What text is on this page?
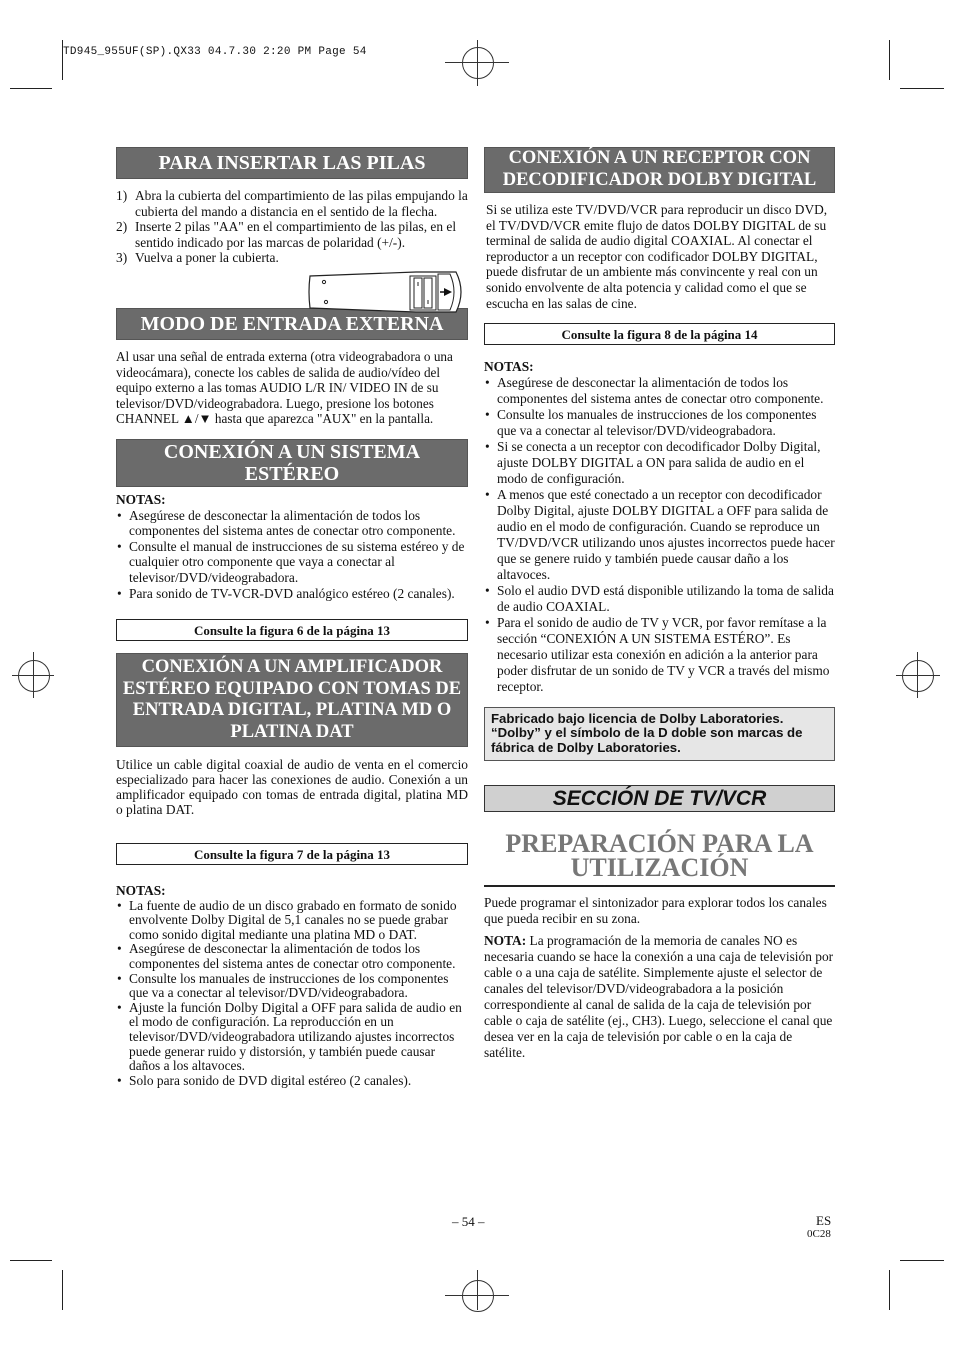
TD945_955UF(SP).QX33 04.7.30 2:20 PM Page 54
PARA INSERTAR LAS PILAS
1) Abra la cubierta del compartimiento de las pilas empujando la cubierta del mando a distancia en el sentido de la flecha.
2) Inserte 2 pilas "AA" en el compartimiento de las pilas, en el sentido indicado por las marcas de polaridad (+/-).
3) Vuelva a poner la cubierta.
MODO DE ENTRADA EXTERNA

Al usar una señal de entrada externa (otra videograbadora o una videocámara), conecte los cables de salida de audio/vídeo del equipo externo a las tomas AUDIO L/R IN/ VIDEO IN de su televisor/DVD/videograbadora. Luego, presione los botones CHANNEL ▲/▼ hasta que aparezca "AUX" en la pantalla.

CONEXIÓN A UN SISTEMA ESTÉREO
NOTAS:
• Asegúrese de desconectar la alimentación de todos los componentes del sistema antes de conectar otro componente.
• Consulte el manual de instrucciones de su sistema estéreo y de cualquier otro componente que vaya a conectar al televisor/DVD/videograbadora.
• Para sonido de TV-VCR-DVD analógico estéreo (2 canales).
Consulte la figura 6 de la página 13
CONEXIÓN A UN AMPLIFICADOR ESTÉREO EQUIPADO CON TOMAS DE ENTRADA DIGITAL, PLATINA MD O PLATINA DAT

Utilice un cable digital coaxial de audio de venta en el comercio especializado para hacer las conexiones de audio. Conexión a un amplificador equipado con tomas de entrada digital, platina MD o platina DAT.

Consulte la figura 7 de la página 13
NOTAS:
• La fuente de audio de un disco grabado en formato de sonido envolvente Dolby Digital de 5,1 canales no se puede grabar como sonido digital mediante una platina MD o DAT.
• Asegúrese de desconectar la alimentación de todos los componentes del sistema antes de conectar otro componente.
• Consulte los manuales de instrucciones de los componentes que va a conectar al televisor/DVD/videograbadora.
• Ajuste la función Dolby Digital a OFF para salida de audio en el modo de configuración. La reproducción en un televisor/DVD/videograbadora utilizando ajustes incorrectos puede generar ruido y distorsión, y también puede causar daños a los altavoces.
• Solo para sonido de DVD digital estéreo (2 canales).
CONEXIÓN A UN RECEPTOR CON DECODIFICADOR DOLBY DIGITAL

Si se utiliza este TV/DVD/VCR para reproducir un disco DVD, el TV/DVD/VCR emite flujo de datos DOLBY DIGITAL de su terminal de salida de audio digital COAXIAL. Al conectar el reproductor a un receptor con codificador DOLBY DIGITAL, puede disfrutar de un ambiente más convincente y real con un sonido envolvente de alta potencia y calidad como el que se escucha en las salas de cine.

Consulte la figura 8 de la página 14
NOTAS:
• Asegúrese de desconectar la alimentación de todos los componentes del sistema antes de conectar otro componente.
• Consulte los manuales de instrucciones de los componentes que va a conectar al televisor/DVD/videograbadora.
• Si se conecta a un receptor con decodificador Dolby Digital, ajuste DOLBY DIGITAL a ON para salida de audio en el modo de configuración.
• A menos que esté conectado a un receptor con decodificador Dolby Digital, ajuste DOLBY DIGITAL a OFF para salida de audio en el modo de configuración. Cuando se reproduce un TV/DVD/VCR utilizando unos ajustes incorrectos puede hacer que se genere ruido y también puede causar daño a los altavoces.
• Solo el audio DVD está disponible utilizando la toma de salida de audio COAXIAL.
• Para el sonido de audio de TV y VCR, por favor remítase a la sección “CONEXIÓN A UN SISTEMA ESTÉRO”. Es necesario utilizar esta conexión en adición a la anterior para poder disfrutar de un sonido de TV y VCR a través del mismo receptor.
Fabricado bajo licencia de Dolby Laboratories. “Dolby” y el símbolo de la D doble son marcas de fábrica de Dolby Laboratories.
SECCIÓN DE TV/VCR
PREPARACIÓN PARA LA UTILIZACIÓN

Puede programar el sintonizador para explorar todos los canales que pueda recibir en su zona.

NOTA: La programación de la memoria de canales NO es necesaria cuando se hace la conexión a una caja de televisión por cable o a una caja de satélite. Simplemente ajuste el selector de canales del televisor/DVD/videograbadora a la posición correspondiente al canal de salida de la caja de televisión por cable o caja de satélite (ej., CH3). Luego, seleccione el canal que desea ver en la caja de televisión por cable o en la caja de satélite.

– 54 –	ES
0C28
